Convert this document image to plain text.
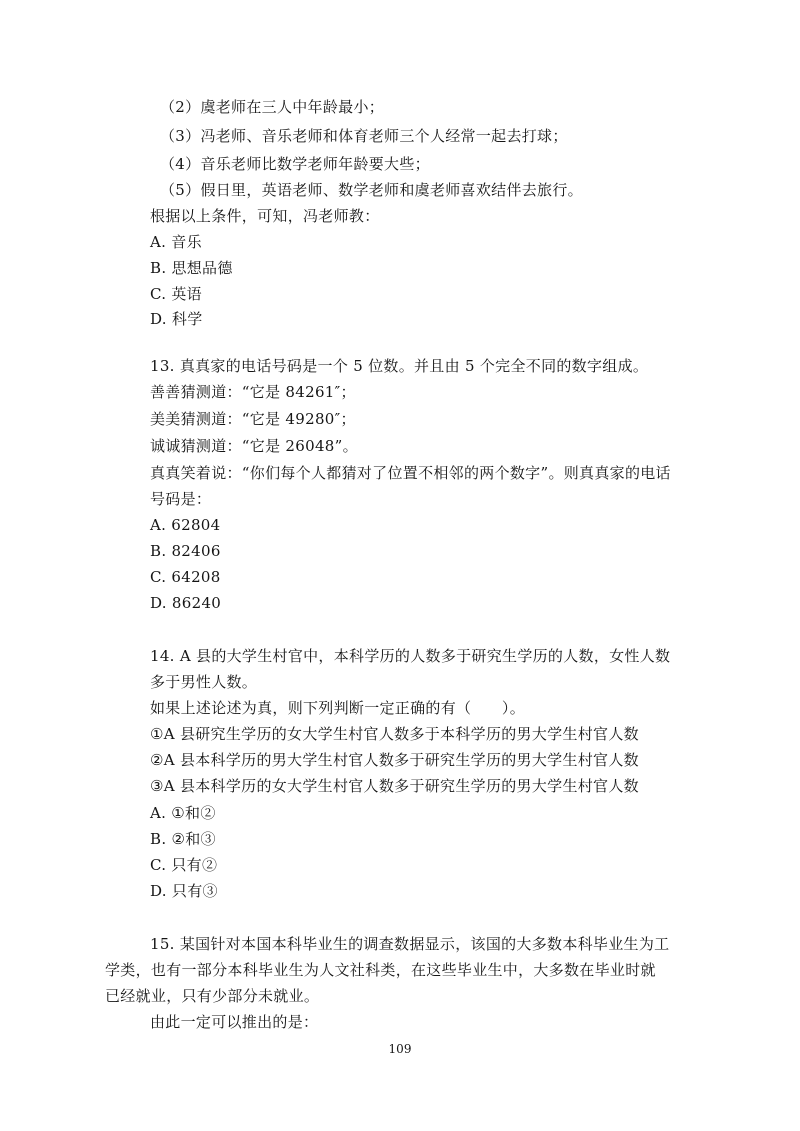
（2）虞老师在三人中年龄最小；
（3）冯老师、音乐老师和体育老师三个人经常一起去打球；
（4）音乐老师比数学老师年龄要大些；
（5）假日里，英语老师、数学老师和虞老师喜欢结伴去旅行。
根据以上条件，可知，冯老师教：
A. 音乐
B. 思想品德
C. 英语
D. 科学
13. 真真家的电话号码是一个 5 位数。并且由 5 个完全不同的数字组成。
善善猜测道：“它是 84261″；
美美猜测道：“它是 49280″；
诚诚猜测道：“它是 26048”。
真真笑着说：“你们每个人都猜对了位置不相邻的两个数字”。则真真家的电话
号码是：
A. 62804
B. 82406
C. 64208
D. 86240
14. A 县的大学生村官中，本科学历的人数多于研究生学历的人数，女性人数
多于男性人数。
如果上述论述为真，则下列判断一定正确的有（　　）。
①A 县研究生学历的女大学生村官人数多于本科学历的男大学生村官人数
②A 县本科学历的男大学生村官人数多于研究生学历的男大学生村官人数
③A 县本科学历的女大学生村官人数多于研究生学历的男大学生村官人数
A. ①和②
B. ②和③
C. 只有②
D. 只有③
15. 某国针对本国本科毕业生的调查数据显示，该国的大多数本科毕业生为工
学类，也有一部分本科毕业生为人文社科类，在这些毕业生中，大多数在毕业时就
已经就业，只有少部分未就业。
由此一定可以推出的是：
109
